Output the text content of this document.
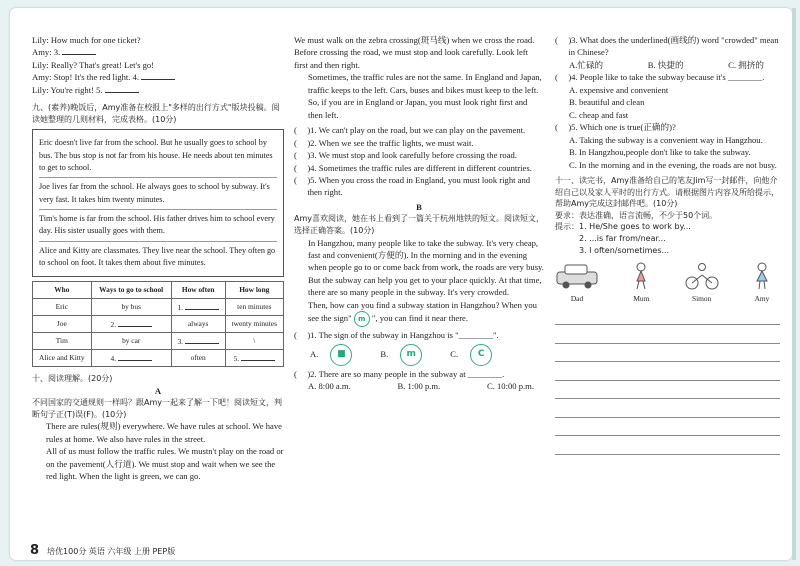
Lily: How much for one ticket?
Amy: 3.
Lily: Really? That's great! Let's go!
Amy: Stop! It's the red light. 4.
Lily: You're right! 5.
九、(素养)晚饭后，Amy准备在校报上"多样的出行方式"版块投稿。阅读她整理的几则材料，完成表格。(10分)

Eric doesn't live far from the school. But he usually goes to school by bus. The bus stop is not far from his house. He needs about ten minutes to get to school.

Joe lives far from the school. He always goes to school by subway. It's very fast. It takes him twenty minutes.

Tim's home is far from the school. His father drives him to school every day. His sister usually goes with them.

Alice and Kitty are classmates. They live near the school. They often go to school on foot. It takes them about five minutes.

Who	Ways to go to school	How often	How long
Eric	by bus	1.	ten minutes
Joe	2.	always	twenty minutes
Tim	by car	3.	\
Alice and Kitty	4.	often	5.
十、阅读理解。(20分)
A
不同国家的交通规则一样吗？跟Amy一起来了解一下吧！阅读短文，判断句子正(T)误(F)。(10分)
There are rules(规则) everywhere. We have rules at school. We have rules at home. We also have rules in the street.
All of us must follow the traffic rules. We mustn't play on the road or on the pavement(人行道). We must stop and wait when we see the red light. When the light is green, we can go.
We must walk on the zebra crossing(斑马线) when we cross the road. Before crossing the road, we must stop and look carefully. Look left first and then right.
Sometimes, the traffic rules are not the same. In England and Japan, traffic keeps to the left. Cars, buses and bikes must keep to the left. So, if you are in England or Japan, you must look right first and then left.
( )1. We can't play on the road, but we can play on the pavement.
( )2. When we see the traffic lights, we must wait.
( )3. We must stop and look carefully before crossing the road.
( )4. Sometimes the traffic rules are different in different countries.
( )5. When you cross the road in England, you must look right and then right.
B
Amy喜欢阅读，她在书上看到了一篇关于杭州地铁的短文。阅读短文，选择正确答案。(10分)
In Hangzhou, many people like to take the subway. It's very cheap, fast and convenient(方便的). In the morning and in the evening when people go to or come back from work, the roads are very busy. But the subway can help you get to your place quickly. At that time, there are so many people in the subway. It's very crowded.
Then, how can you find a subway station in Hangzhou? When you see the sign" m ", you can find it near there.
( )1. The sign of the subway in Hangzhou is "________".
A.	■	B.	m	C.	C
( )2. There are so many people in the subway at ________.
A. 8:00 a.m.	B. 1:00 p.m.	C. 10:00 p.m.
( )3. What does the underlined(画线的) word "crowded" mean in Chinese?
A.忙碌的	B. 快捷的	C. 拥挤的
( )4. People like to take the subway because it's ________.
A. expensive and convenient
B. beautiful and clean
C. cheap and fast
( )5. Which one is true(正确的)?
A. Taking the subway is a convenient way in Hangzhou.
B. In Hangzhou,people don't like to take the subway.
C. In the morning and in the evening, the roads are not busy.
十一、读完书，Amy准备给自己的笔友Jim写一封邮件，向他介绍自己以及家人平时的出行方式。请根据图片内容及所给提示，帮助Amy完成这封邮件吧。(10分)
要求：表达准确，语言流畅，不少于50个词。
提示：1. He/She goes to work by...
2. ...is far from/near...
3. I often/sometimes...
Dad	Mum	Simon	Amy
8 培优100分 英语 六年级 上册 PEP版
